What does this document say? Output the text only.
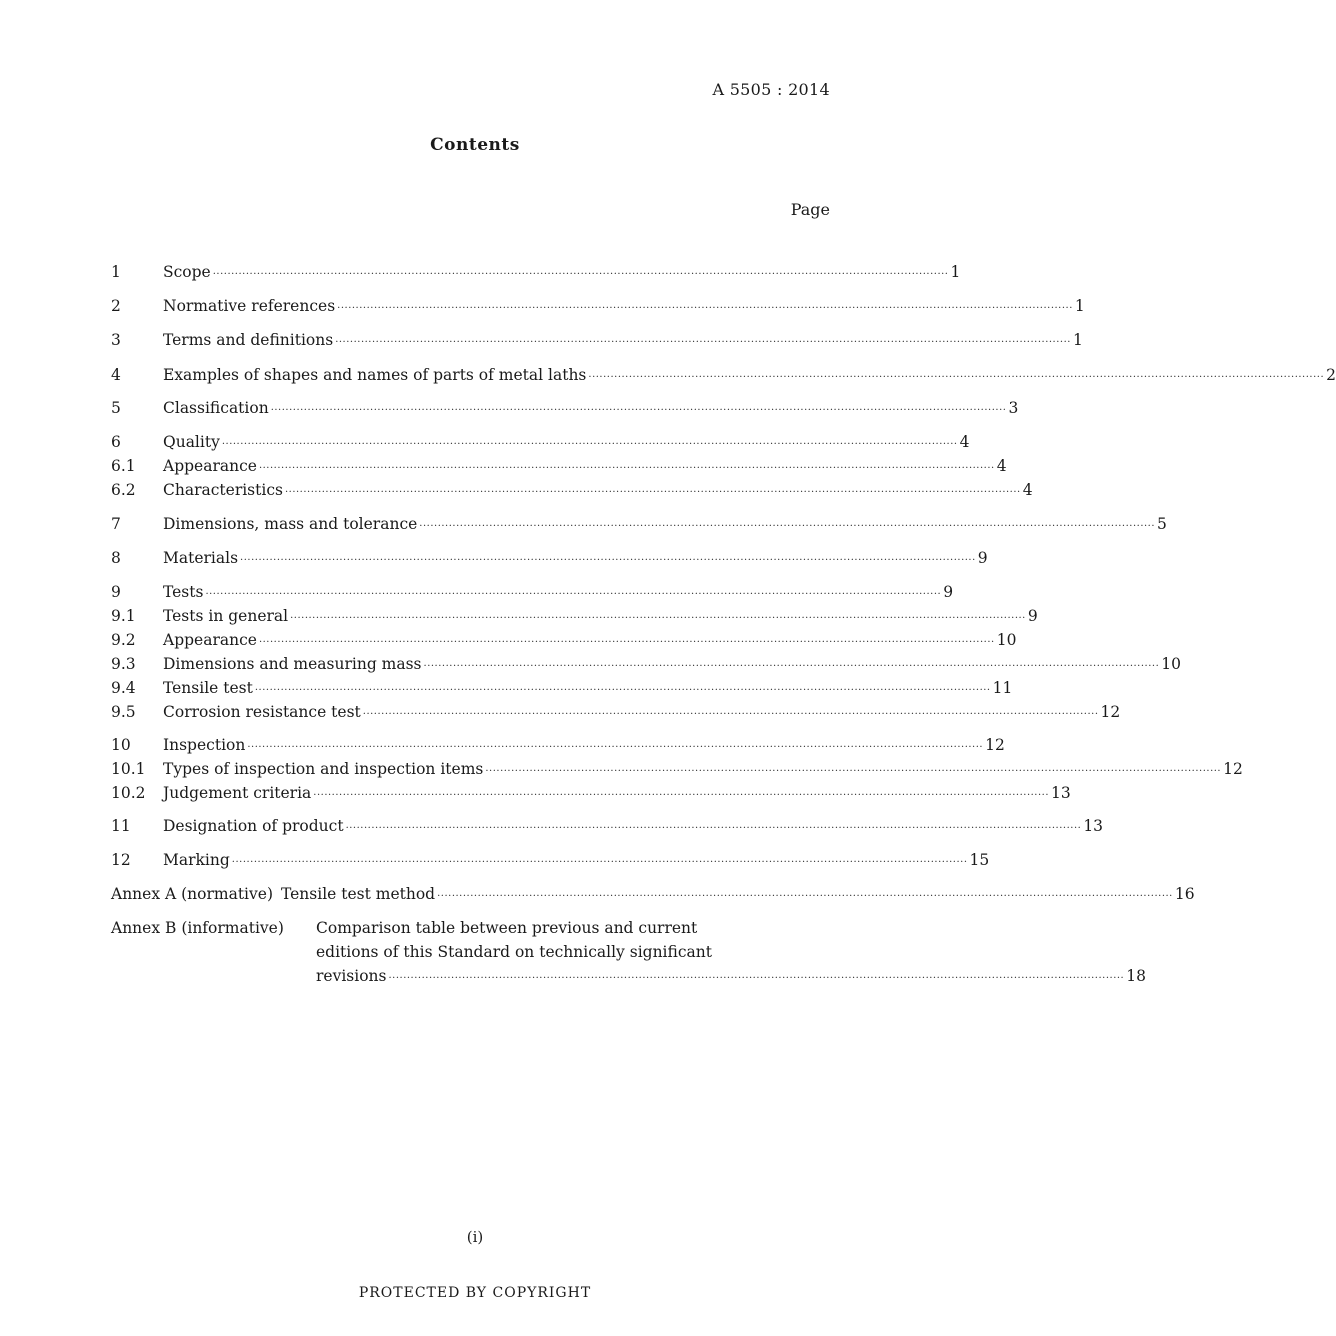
A 5505 : 2014
Contents
Page
1	Scope ········································································································································································································ 1
2	Normative references ········································································································································································································ 1
3	Terms and definitions ········································································································································································································ 1
4	Examples of shapes and names of parts of metal laths ········································································································································································································ 2
5	Classification ········································································································································································································ 3
6	Quality ········································································································································································································ 4
6.1	Appearance ········································································································································································································ 4
6.2	Characteristics ········································································································································································································ 4
7	Dimensions, mass and tolerance ········································································································································································································ 5
8	Materials ········································································································································································································ 9
9	Tests ········································································································································································································ 9
9.1	Tests in general ········································································································································································································ 9
9.2	Appearance ········································································································································································································ 10
9.3	Dimensions and measuring mass ········································································································································································································ 10
9.4	Tensile test ········································································································································································································ 11
9.5	Corrosion resistance test ········································································································································································································ 12
10	Inspection ········································································································································································································ 12
10.1	Types of inspection and inspection items ········································································································································································································ 12
10.2	Judgement criteria ········································································································································································································ 13
11	Designation of product ········································································································································································································ 13
12	Marking ········································································································································································································ 15
Annex A (normative) Tensile test method ········································································································································································································ 16
Annex B (informative) Comparison table between previous and current
editions of this Standard on technically significant
revisions ········································································································································································································ 18
(i)
PROTECTED BY COPYRIGHT
